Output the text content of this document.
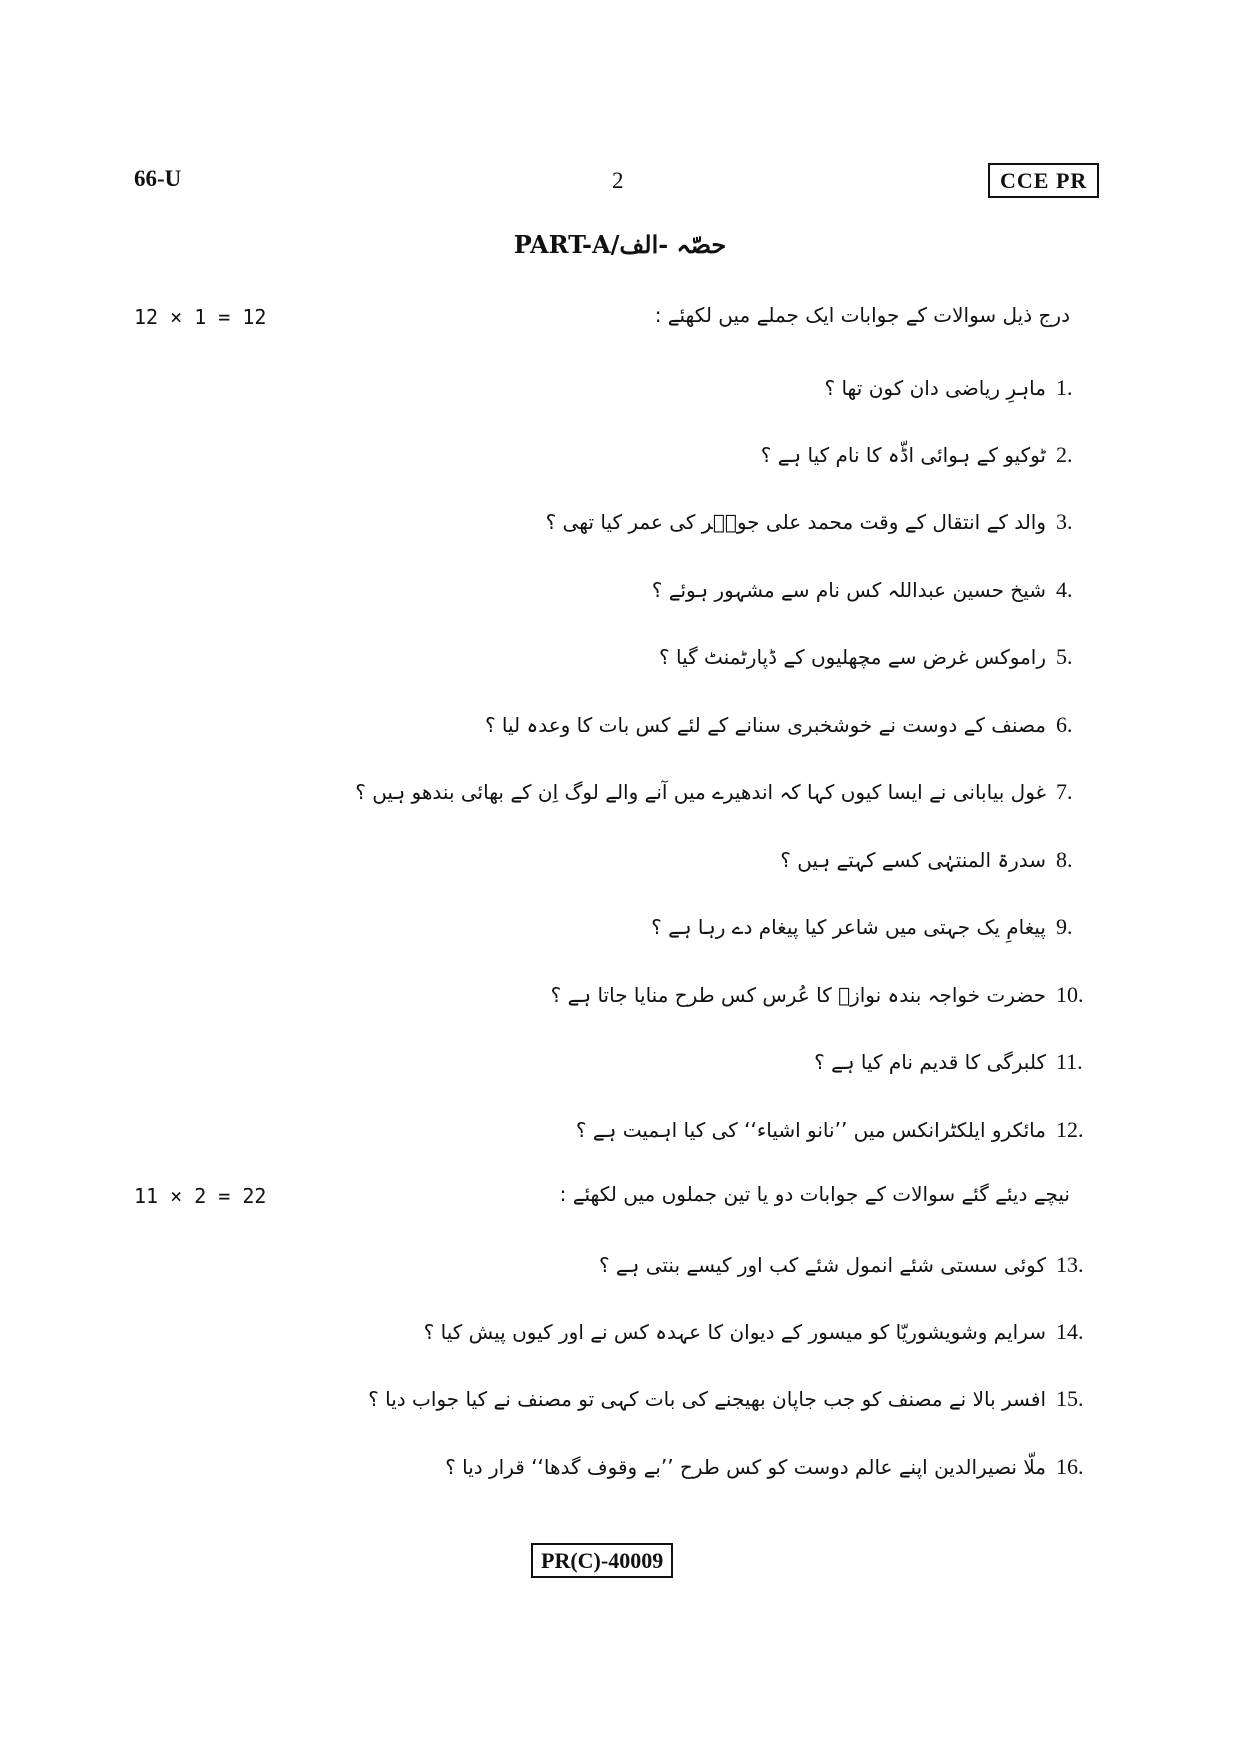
66-U	2	CCE PR
PART-A/حصّہ -الف
12 × 1 = 12	درج ذیل سوالات کے جوابات ایک جملے میں لکھئے :
1.
ماہرِ ریاضی دان کون تھا ؟
2.
ٹوکیو کے ہوائی اڈّہ کا نام کیا ہے ؟
3.
والد کے انتقال کے وقت محمد علی جوہؔر کی عمر کیا تھی ؟
4.
شیخ حسین عبداللہ کس نام سے مشہور ہوئے ؟
5.
راموکس غرض سے مچھلیوں کے ڈپارٹمنٹ گیا ؟
6.
مصنف کے دوست نے خوشخبری سنانے کے لئے کس بات کا وعدہ لیا ؟
7.
غول بیابانی نے ایسا کیوں کہا کہ اندھیرے میں آنے والے لوگ اِن کے بھائی بندھو ہیں ؟
8.
سدرۃ المنتہٰی کسے کہتے ہیں ؟
9.
پیغامِ یک جہتی میں شاعر کیا پیغام دے رہا ہے ؟
10.
حضرت خواجہ بندہ نوازؒ کا عُرس کس طرح منایا جاتا ہے ؟
11.
کلبرگی کا قدیم نام کیا ہے ؟
12.
مائکرو ایلکٹرانکس میں ’’نانو اشیاء‘‘ کی کیا اہمیت ہے ؟
11 × 2 = 22	نیچے دیئے گئے سوالات کے جوابات دو یا تین جملوں میں لکھئے :
13.
کوئی سستی شئے انمول شئے کب اور کیسے بنتی ہے ؟
14.
سرایم وشویشوریّا کو میسور کے دیوان کا عہدہ کس نے اور کیوں پیش کیا ؟
15.
افسر بالا نے مصنف کو جب جاپان بھیجنے کی بات کہی تو مصنف نے کیا جواب دیا ؟
16.
ملّا نصیرالدین اپنے عالم دوست کو کس طرح ’’بے وقوف گدھا‘‘ قرار دیا ؟
PR(C)-40009
